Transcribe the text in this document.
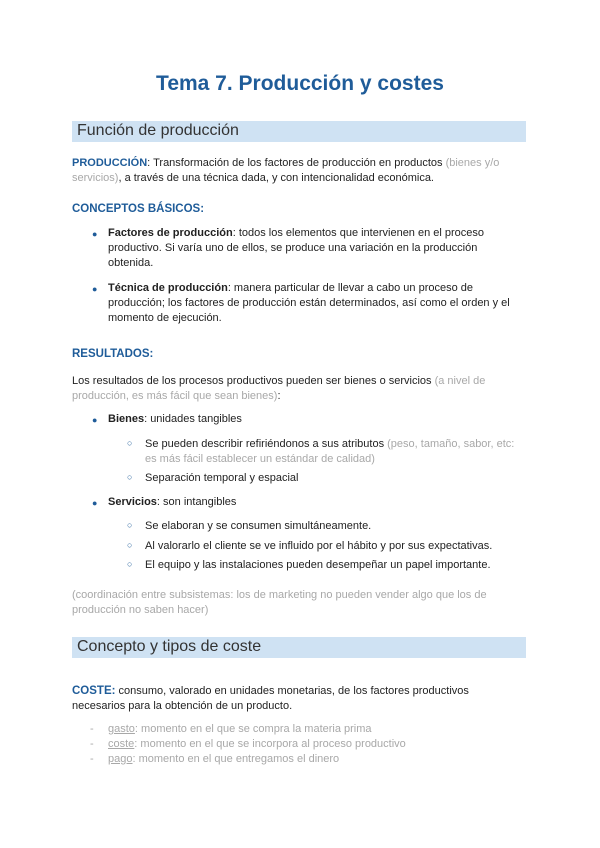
Tema 7. Producción y costes
Función de producción
PRODUCCIÓN: Transformación de los factores de producción en productos (bienes y/o
servicios), a través de una técnica dada, y con intencionalidad económica.
CONCEPTOS BÁSICOS:
● Factores de producción: todos los elementos que intervienen en el proceso
productivo. Si varía uno de ellos, se produce una variación en la producción
obtenida.
● Técnica de producción: manera particular de llevar a cabo un proceso de
producción; los factores de producción están determinados, así como el orden y el
momento de ejecución.
RESULTADOS:
Los resultados de los procesos productivos pueden ser bienes o servicios (a nivel de
producción, es más fácil que sean bienes):
● Bienes: unidades tangibles
○ Se pueden describir refiriéndonos a sus atributos (peso, tamaño, sabor, etc:
es más fácil establecer un estándar de calidad)
○ Separación temporal y espacial
● Servicios: son intangibles
○ Se elaboran y se consumen simultáneamente.
○ Al valorarlo el cliente se ve influido por el hábito y por sus expectativas.
○ El equipo y las instalaciones pueden desempeñar un papel importante.
(coordinación entre subsistemas: los de marketing no pueden vender algo que los de
producción no saben hacer)
Concepto y tipos de coste
COSTE: consumo, valorado en unidades monetarias, de los factores productivos
necesarios para la obtención de un producto.
- gasto: momento en el que se compra la materia prima
- coste: momento en el que se incorpora al proceso productivo
- pago: momento en el que entregamos el dinero
